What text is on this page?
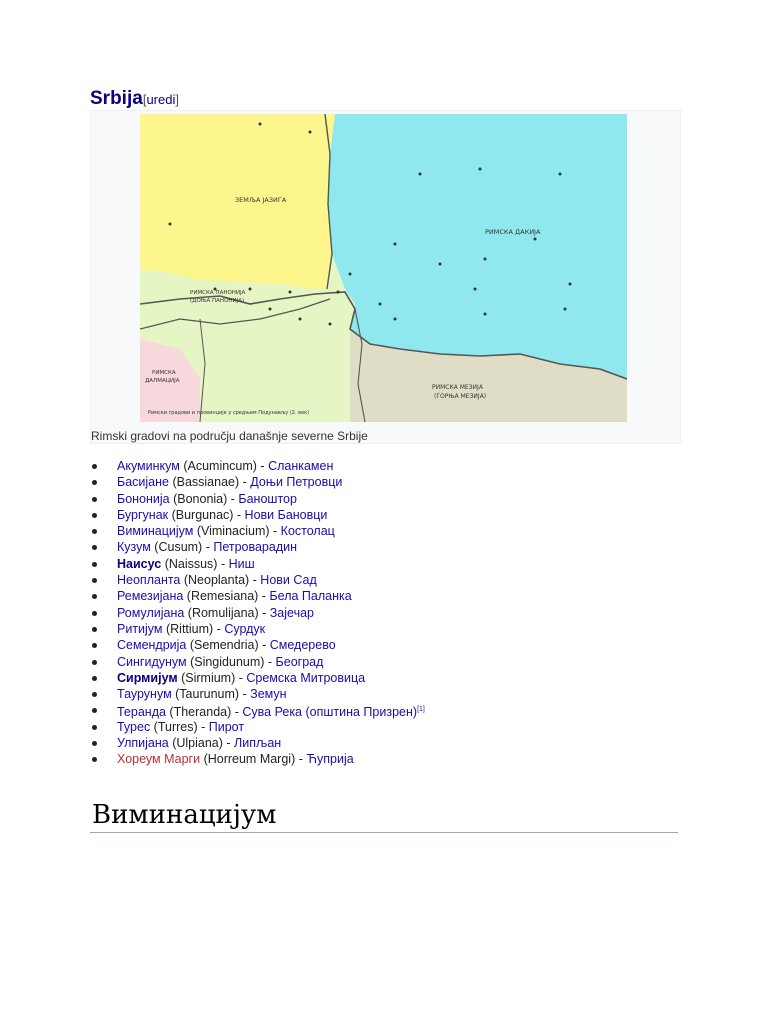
Srbija[uredi]
ЗЕМЉА ЈАЗИГА
РИМСКА ДАКИЈА
РИМСКА ПАНОНИЈА
(ДОЊА ПАНОНИЈА)
РИМСКА
ДАЛМАЦИЈА
РИМСКА МЕЗИЈА
(ГОРЊА МЕЗИЈА)
Римски градови и провинције у средњем Подунављу (2. век)
Rimski gradovi na području današnje severne Srbije
Акуминкум (Acumincum) - Сланкамен
Басијане (Bassianae) - Доњи Петровци
Бононија (Bononia) - Баноштор
Бургунак (Burgunac) - Нови Бановци
Виминацијум (Viminacium) - Костолац
Кузум (Cusum) - Петроварадин
Наисус (Naissus) - Ниш
Неопланта (Neoplanta) - Нови Сад
Ремезијана (Remesiana) - Бела Паланка
Ромулијана (Romulijana) - Зајечар
Ритијум (Rittium) - Сурдук
Семендрија (Semendria) - Смедерево
Сингидунум (Singidunum) - Београд
Сирмијум (Sirmium) - Сремска Митровица
Таурунум (Taurunum) - Земун
Теранда (Theranda) - Сува Река (општина Призрен)[1]
Турес (Turres) - Пирот
Улпијана (Ulpiana) - Липљан
Хореум Марги (Horreum Margi) - Ћуприја
Виминацијум
